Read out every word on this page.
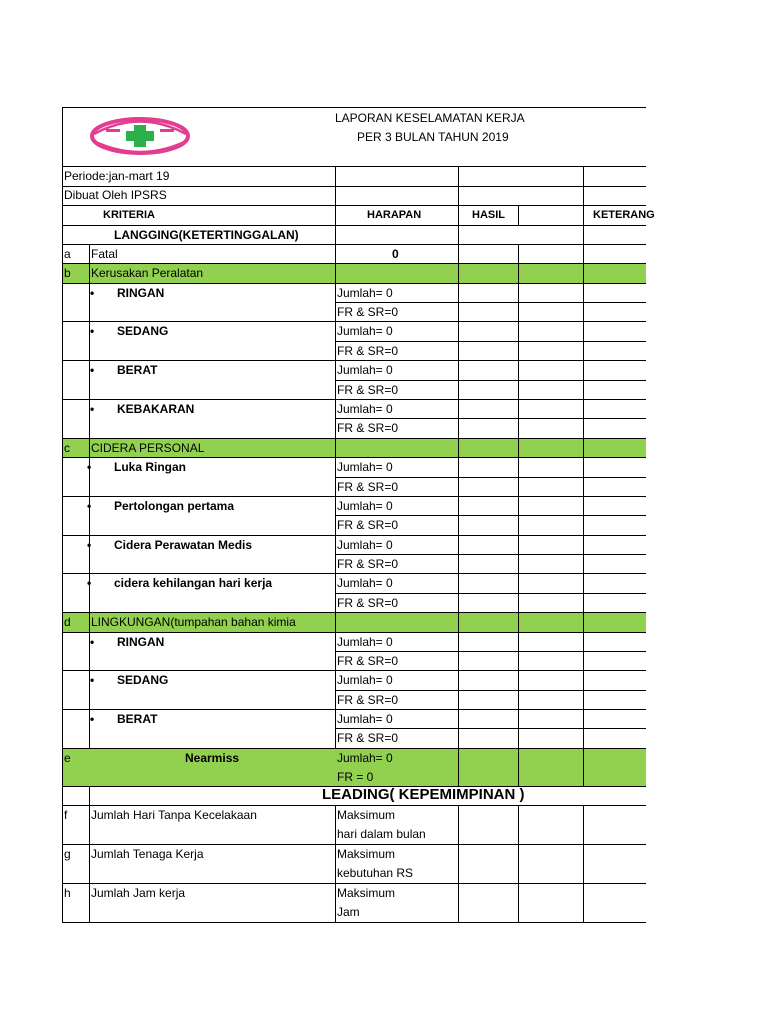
LAPORAN KESELAMATAN KERJA
PER 3 BULAN TAHUN 2019
Periode:jan-mart 19
Dibuat Oleh IPSRS
KRITERIA	HARAPAN	HASIL	KETERANG
LANGGING(KETERTINGGALAN)
a Fatal	0
b Kerusakan Peralatan
• RINGAN	Jumlah= 0
FR & SR=0
• SEDANG	Jumlah= 0
FR & SR=0
• BERAT	Jumlah= 0
FR & SR=0
• KEBAKARAN	Jumlah= 0
FR & SR=0
c CIDERA PERSONAL
• Luka Ringan	Jumlah= 0
FR & SR=0
• Pertolongan pertama	Jumlah= 0
FR & SR=0
• Cidera Perawatan Medis	Jumlah= 0
FR & SR=0
• cidera kehilangan hari kerja	Jumlah= 0
FR & SR=0
d LINGKUNGAN(tumpahan bahan kimia
• RINGAN	Jumlah= 0
FR & SR=0
• SEDANG	Jumlah= 0
FR & SR=0
• BERAT	Jumlah= 0
FR & SR=0
e	Nearmiss	Jumlah= 0
FR = 0
LEADING( KEPEMIMPINAN )
f Jumlah Hari Tanpa Kecelakaan	Maksimum
hari dalam bulan
g Jumlah Tenaga Kerja	Maksimum
kebutuhan RS
h Jumlah Jam kerja	Maksimum
Jam
